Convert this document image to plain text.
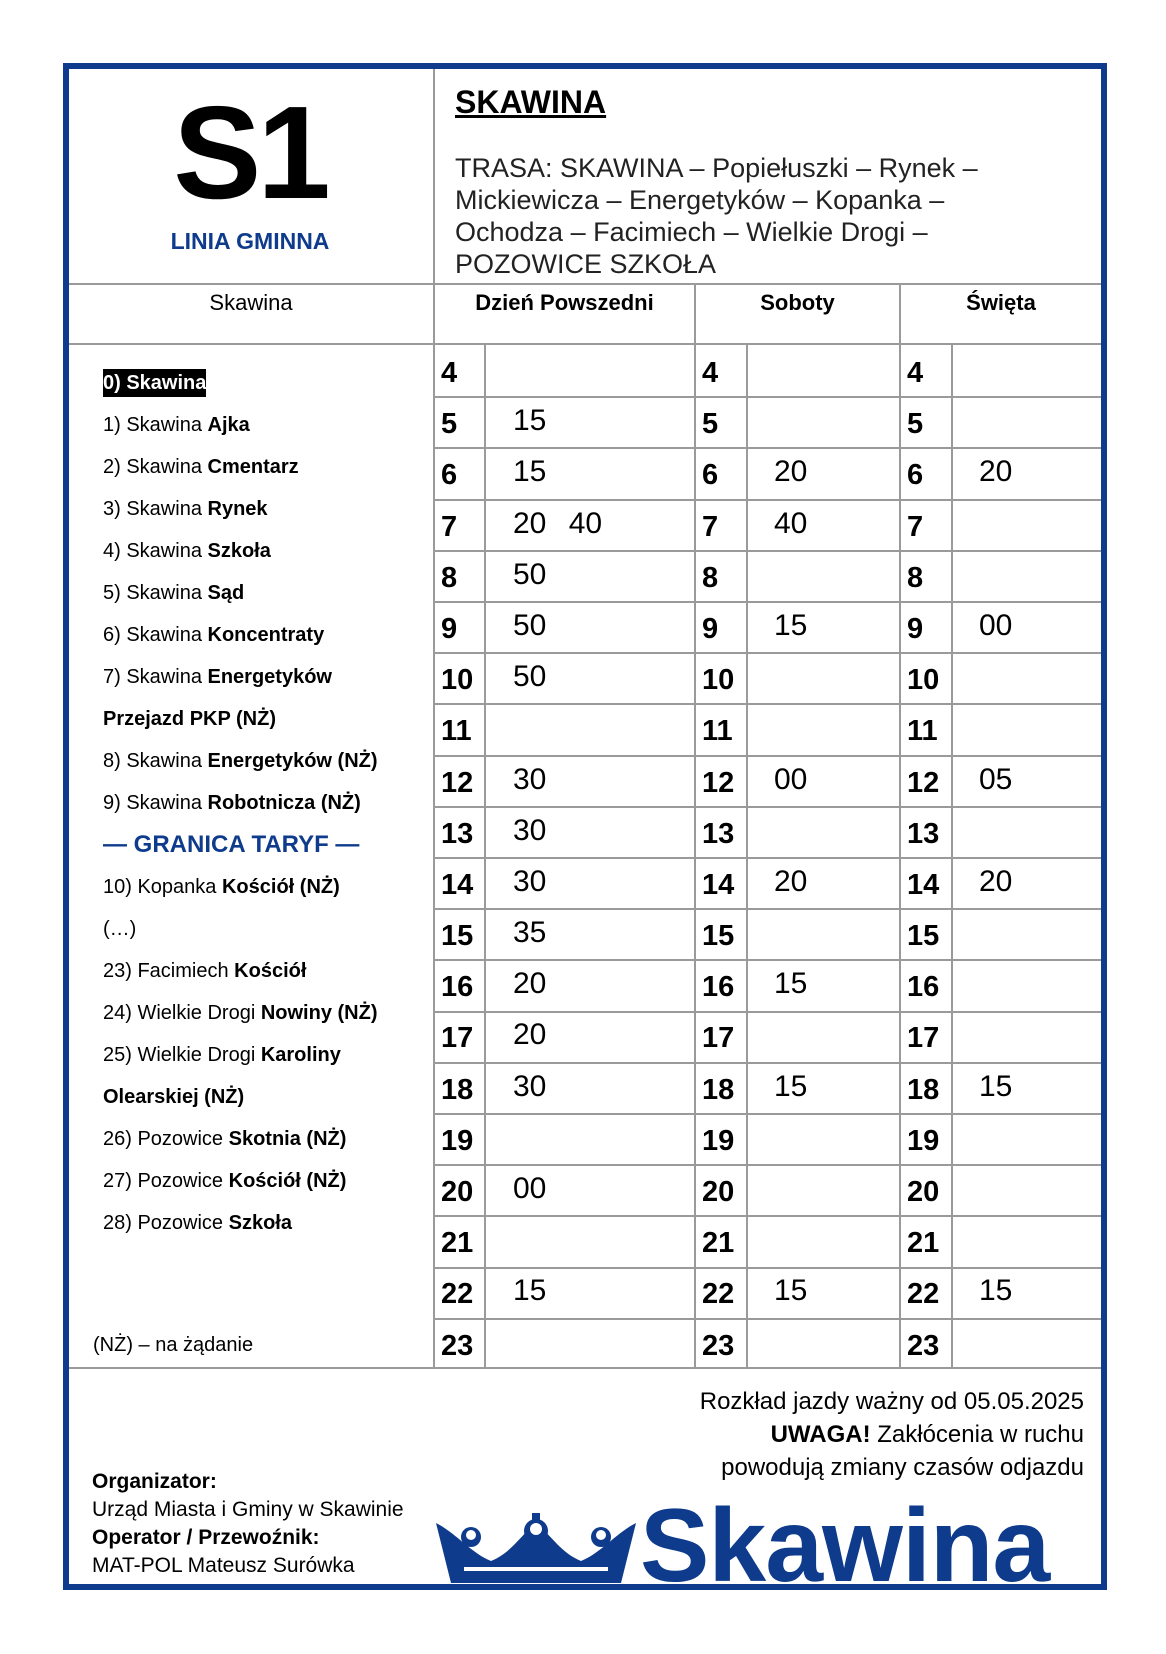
S1
LINIA GMINNA
SKAWINA
TRASA: SKAWINA – Popiełuszki – Rynek – Mickiewicza – Energetyków – Kopanka – Ochodza – Facimiech – Wielkie Drogi – POZOWICE SZKOŁA
Skawina	Dzień Powszedni	Soboty	Święta
0) Skawina
1) Skawina Ajka
2) Skawina Cmentarz
3) Skawina Rynek
4) Skawina Szkoła
5) Skawina Sąd
6) Skawina Koncentraty
7) Skawina Energetyków
Przejazd PKP (NŻ)
8) Skawina Energetyków (NŻ)
9) Skawina Robotnicza (NŻ)
— GRANICA TARYF —
10) Kopanka Kościół (NŻ)
(…)
23) Facimiech Kościół
24) Wielkie Drogi Nowiny (NŻ)
25) Wielkie Drogi Karoliny
Olearskiej (NŻ)
26) Pozowice Skotnia (NŻ)
27) Pozowice Kościół (NŻ)
28) Pozowice Szkoła
(NŻ) – na żądanie
4
5 15
6 15
7 20 40
8 50
9 50
10 50
11
12 30
13 30
14 30
15 35
16 20
17 20
18 30
19
20 00
21
22 15
23
4
5
6 20
7 40
8
9 15
10
11
12 00
13
14 20
15
16 15
17
18 15
19
20
21
22 15
23
4
5
6 20
7
8
9 00
10
11
12 05
13
14 20
15
16
17
18 15
19
20
21
22 15
23
Rozkład jazdy ważny od 05.05.2025
UWAGA! Zakłócenia w ruchu
powodują zmiany czasów odjazdu
Organizator:
Urząd Miasta i Gminy w Skawinie
Operator / Przewoźnik:
MAT-POL Mateusz Surówka	Skawina
